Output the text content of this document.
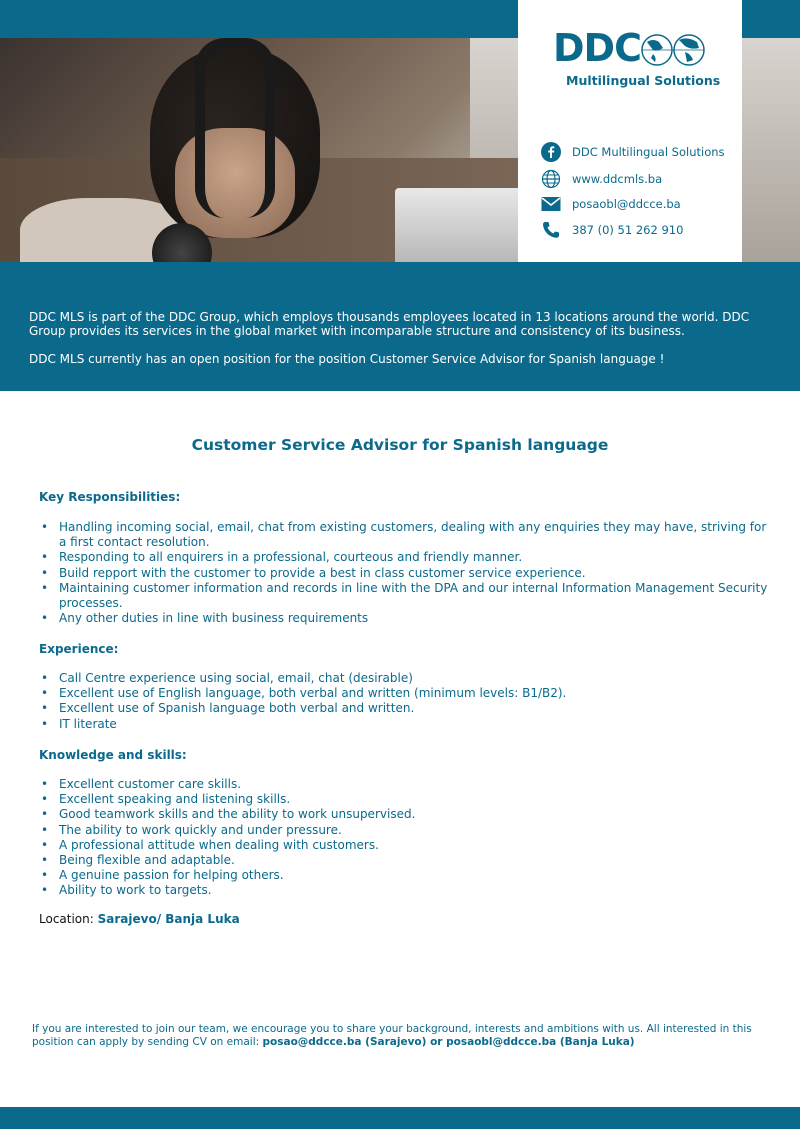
DDC
Multilingual Solutions
DDC Multilingual Solutions
www.ddcmls.ba
posaobl@ddcce.ba
387 (0) 51 262 910

DDC MLS is part of the DDC Group, which employs thousands employees located in 13 locations around the world. DDC Group provides its services in the global market with incomparable structure and consistency of its business.

DDC MLS currently has an open position for the position Customer Service Advisor for Spanish language !

Customer Service Advisor for Spanish language
Key Responsibilities:
• Handling incoming social, email, chat from existing customers, dealing with any enquiries they may have, striving for a first contact resolution.
• Responding to all enquirers in a professional, courteous and friendly manner.
• Build repport with the customer to provide a best in class customer service experience.
• Maintaining customer information and records in line with the DPA and our internal Information Management Security processes.
• Any other duties in line with business requirements
Experience:
• Call Centre experience using social, email, chat (desirable)
• Excellent use of English language, both verbal and written (minimum levels: B1/B2).
• Excellent use of Spanish language both verbal and written.
• IT literate
Knowledge and skills:
• Excellent customer care skills.
• Excellent speaking and listening skills.
• Good teamwork skills and the ability to work unsupervised.
• The ability to work quickly and under pressure.
• A professional attitude when dealing with customers.
• Being flexible and adaptable.
• A genuine passion for helping others.
• Ability to work to targets.
Location: Sarajevo/ Banja Luka
If you are interested to join our team, we encourage you to share your background, interests and ambitions with us. All interested in this position can apply by sending CV on email: posao@ddcce.ba (Sarajevo) or posaobl@ddcce.ba (Banja Luka)
